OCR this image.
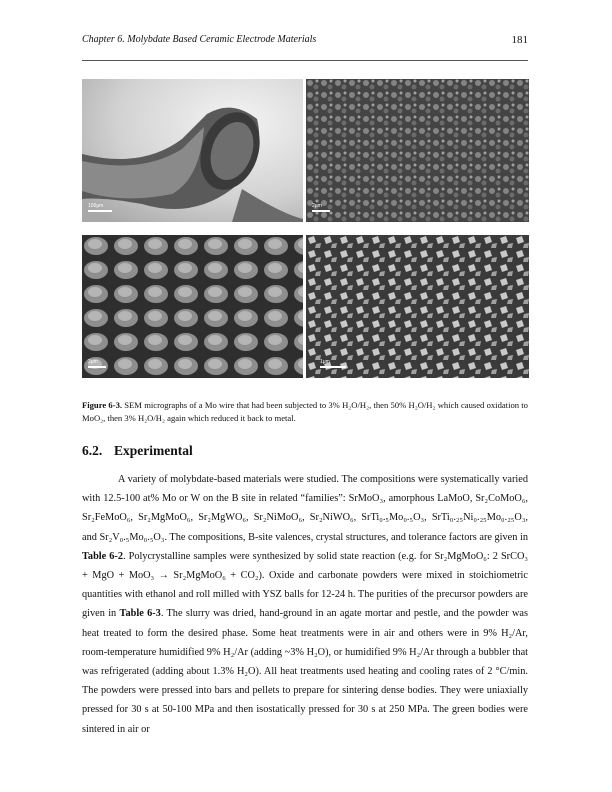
Chapter 6. Molybdate Based Ceramic Electrode Materials	181
100μm	2μm
2μm	1μm
Figure 6-3. SEM micrographs of a Mo wire that had been subjected to 3% H₂O/H₂, then 50% H₂O/H₂ which caused oxidation to MoO₂, then 3% H₂O/H₂ again which reduced it back to metal.
6.2. Experimental
A variety of molybdate-based materials were studied. The compositions were systematically varied with 12.5-100 at% Mo or W on the B site in related “families”: SrMoO₃, amorphous LaMoO, Sr₂CoMoO₆, Sr₂FeMoO₆, Sr₂MgMoO₆, Sr₂MgWO₆, Sr₂NiMoO₆, Sr₂NiWO₆, SrTi₀.₅Mo₀.₅O₃, SrTi₀.₂₅Ni₀.₂₅Mo₀.₂₅O₃, and Sr₂V₀.₅Mo₀.₅O₃. The compositions, B-site valences, crystal structures, and tolerance factors are given in Table 6-2. Polycrystalline samples were synthesized by solid state reaction (e.g. for Sr₂MgMoO₆: 2 SrCO₃ + MgO + MoO₃ → Sr₂MgMoO₆ + CO₂). Oxide and carbonate powders were mixed in stoichiometric quantities with ethanol and roll milled with YSZ balls for 12-24 h. The purities of the precursor powders are given in Table 6-3. The slurry was dried, hand-ground in an agate mortar and pestle, and the powder was heat treated to form the desired phase. Some heat treatments were in air and others were in 9% H₂/Ar, room-temperature humidified 9% H₂/Ar (adding ~3% H₂O), or humidified 9% H₂/Ar through a bubbler that was refrigerated (adding about 1.3% H₂O). All heat treatments used heating and cooling rates of 2 °C/min. The powders were pressed into bars and pellets to prepare for sintering dense bodies. They were uniaxially pressed for 30 s at 50-100 MPa and then isostatically pressed for 30 s at 250 MPa. The green bodies were sintered in air or
